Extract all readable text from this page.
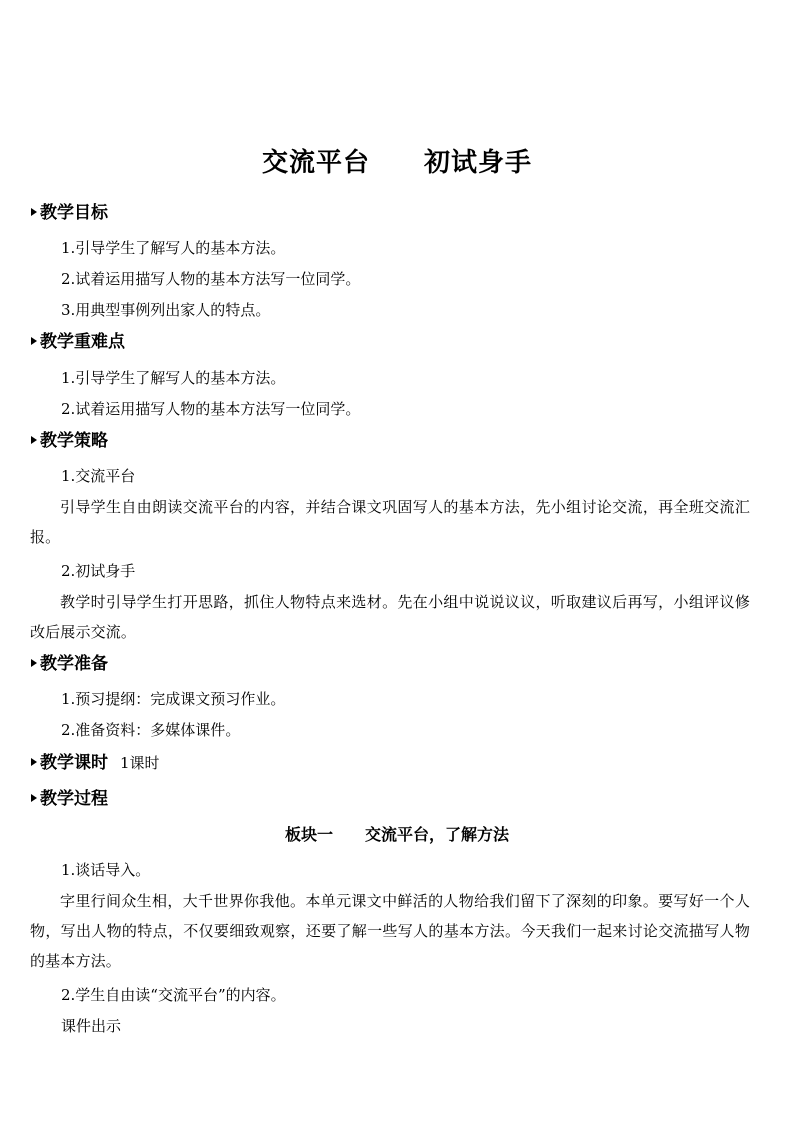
交流平台　　初试身手
教学目标
1.引导学生了解写人的基本方法。
2.试着运用描写人物的基本方法写一位同学。
3.用典型事例列出家人的特点。
教学重难点
1.引导学生了解写人的基本方法。
2.试着运用描写人物的基本方法写一位同学。
教学策略
1.交流平台
引导学生自由朗读交流平台的内容，并结合课文巩固写人的基本方法，先小组讨论交流，再全班交流汇报。
2.初试身手
教学时引导学生打开思路，抓住人物特点来选材。先在小组中说说议议，听取建议后再写，小组评议修改后展示交流。
教学准备
1.预习提纲：完成课文预习作业。
2.准备资料：多媒体课件。
教学课时 1课时
教学过程
板块一　　交流平台，了解方法
1.谈话导入。
字里行间众生相，大千世界你我他。本单元课文中鲜活的人物给我们留下了深刻的印象。要写好一个人物，写出人物的特点，不仅要细致观察，还要了解一些写人的基本方法。今天我们一起来讨论交流描写人物的基本方法。
2.学生自由读“交流平台”的内容。
课件出示
